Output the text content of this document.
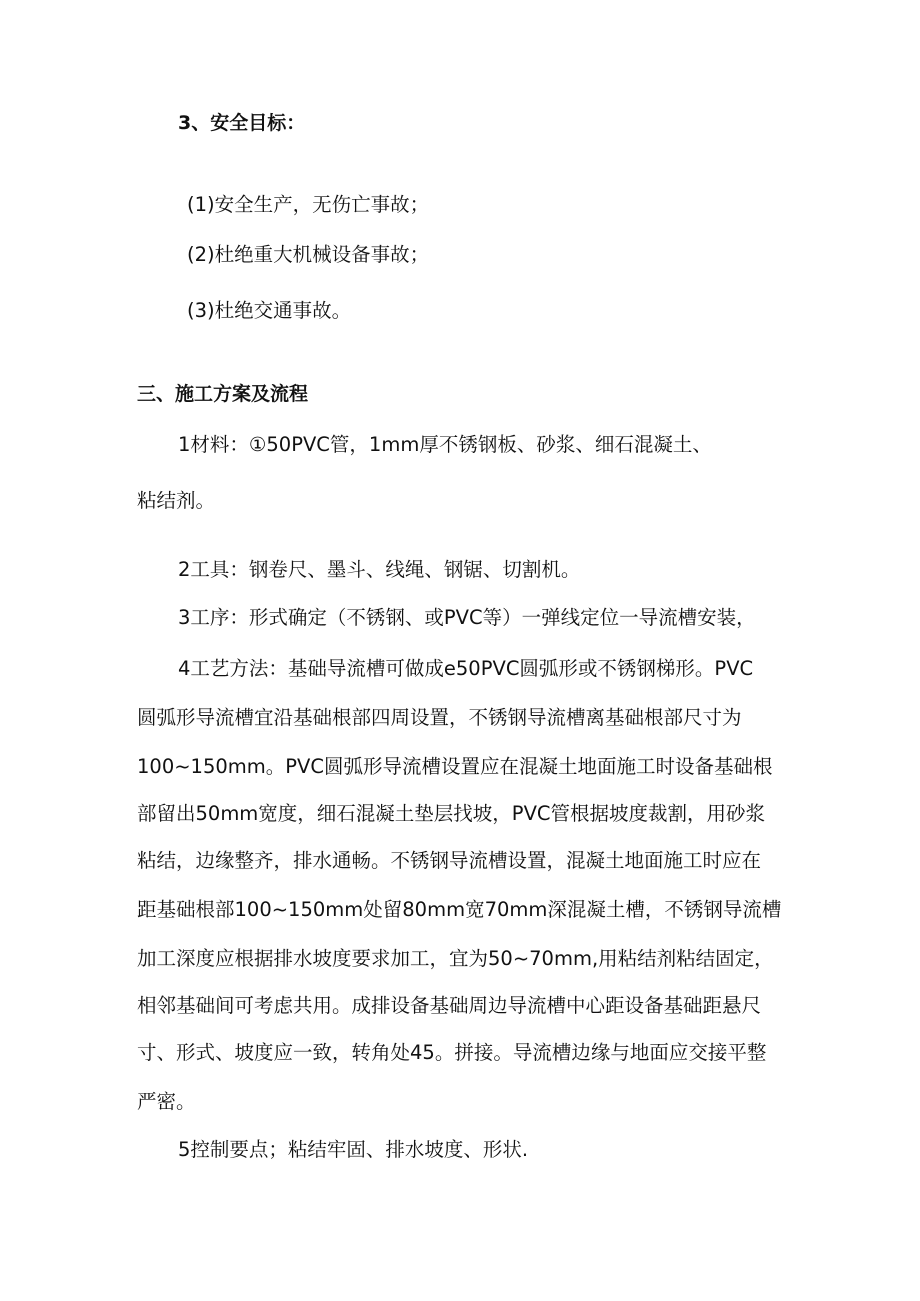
3、安全目标：
(1)安全生产，无伤亡事故；
(2)杜绝重大机械设备事故；
(3)杜绝交通事故。
三、施工方案及流程
1材料：①50PVC管，1mm厚不锈钢板、砂浆、细石混凝土、
粘结剂。
2工具：钢卷尺、墨斗、线绳、钢锯、切割机。
3工序：形式确定（不锈钢、或PVC等）一弹线定位一导流槽安装，
4工艺方法：基础导流槽可做成e50PVC圆弧形或不锈钢梯形。PVC
圆弧形导流槽宜沿基础根部四周设置，不锈钢导流槽离基础根部尺寸为
100~150mm。PVC圆弧形导流槽设置应在混凝土地面施工时设备基础根
部留出50mm宽度，细石混凝土垫层找坡，PVC管根据坡度裁割，用砂浆
粘结，边缘整齐，排水通畅。不锈钢导流槽设置，混凝土地面施工时应在
距基础根部100~150mm处留80mm宽70mm深混凝土槽，不锈钢导流槽
加工深度应根据排水坡度要求加工，宜为50~70mm,用粘结剂粘结固定，
相邻基础间可考虑共用。成排设备基础周边导流槽中心距设备基础距悬尺
寸、形式、坡度应一致，转角处45。拼接。导流槽边缘与地面应交接平整
严密。
5控制要点；粘结牢固、排水坡度、形状.
